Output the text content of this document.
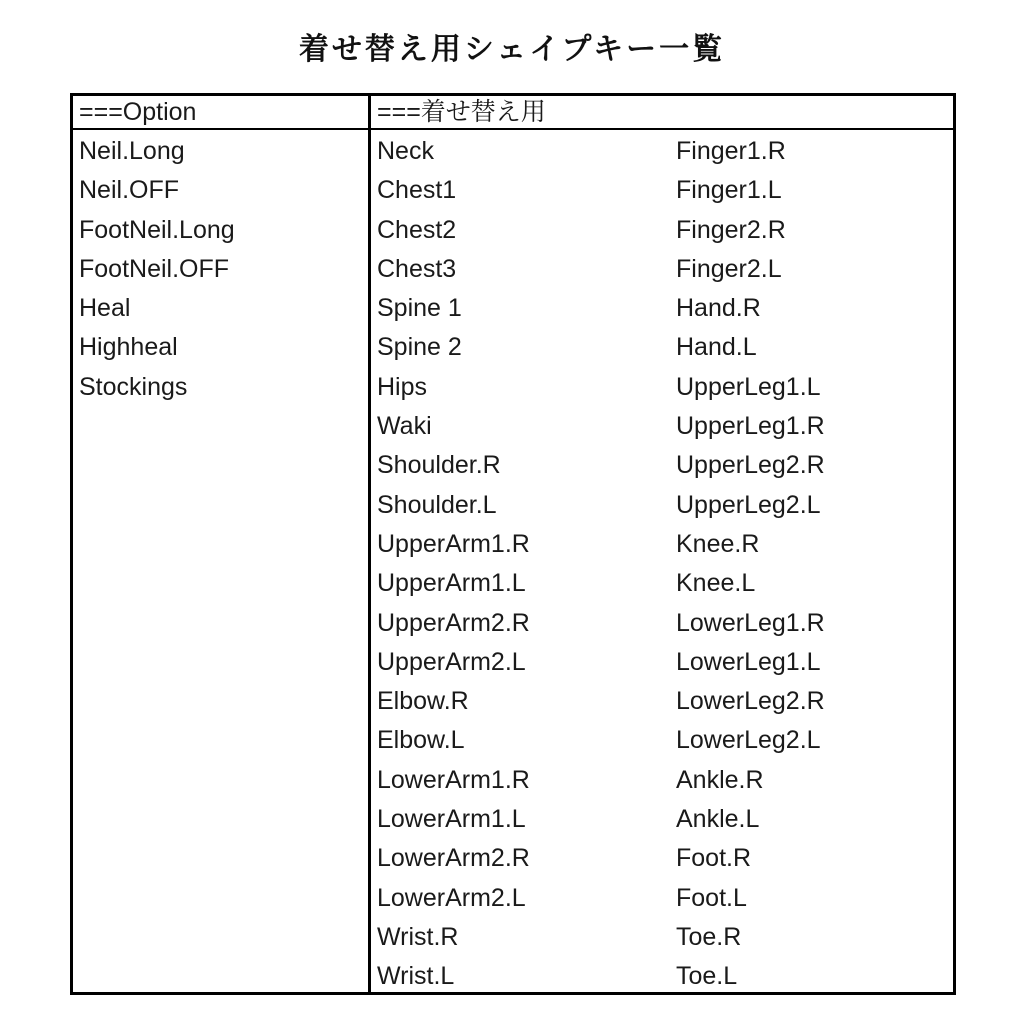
着せ替え用シェイプキー一覧
===Option
Neil.Long
Neil.OFF
FootNeil.Long
FootNeil.OFF
Heal
Highheal
Stockings
===着せ替え用
Neck
Chest1
Chest2
Chest3
Spine 1
Spine 2
Hips
Waki
Shoulder.R
Shoulder.L
UpperArm1.R
UpperArm1.L
UpperArm2.R
UpperArm2.L
Elbow.R
Elbow.L
LowerArm1.R
LowerArm1.L
LowerArm2.R
LowerArm2.L
Wrist.R
Wrist.L
Finger1.R
Finger1.L
Finger2.R
Finger2.L
Hand.R
Hand.L
UpperLeg1.L
UpperLeg1.R
UpperLeg2.R
UpperLeg2.L
Knee.R
Knee.L
LowerLeg1.R
LowerLeg1.L
LowerLeg2.R
LowerLeg2.L
Ankle.R
Ankle.L
Foot.R
Foot.L
Toe.R
Toe.L
